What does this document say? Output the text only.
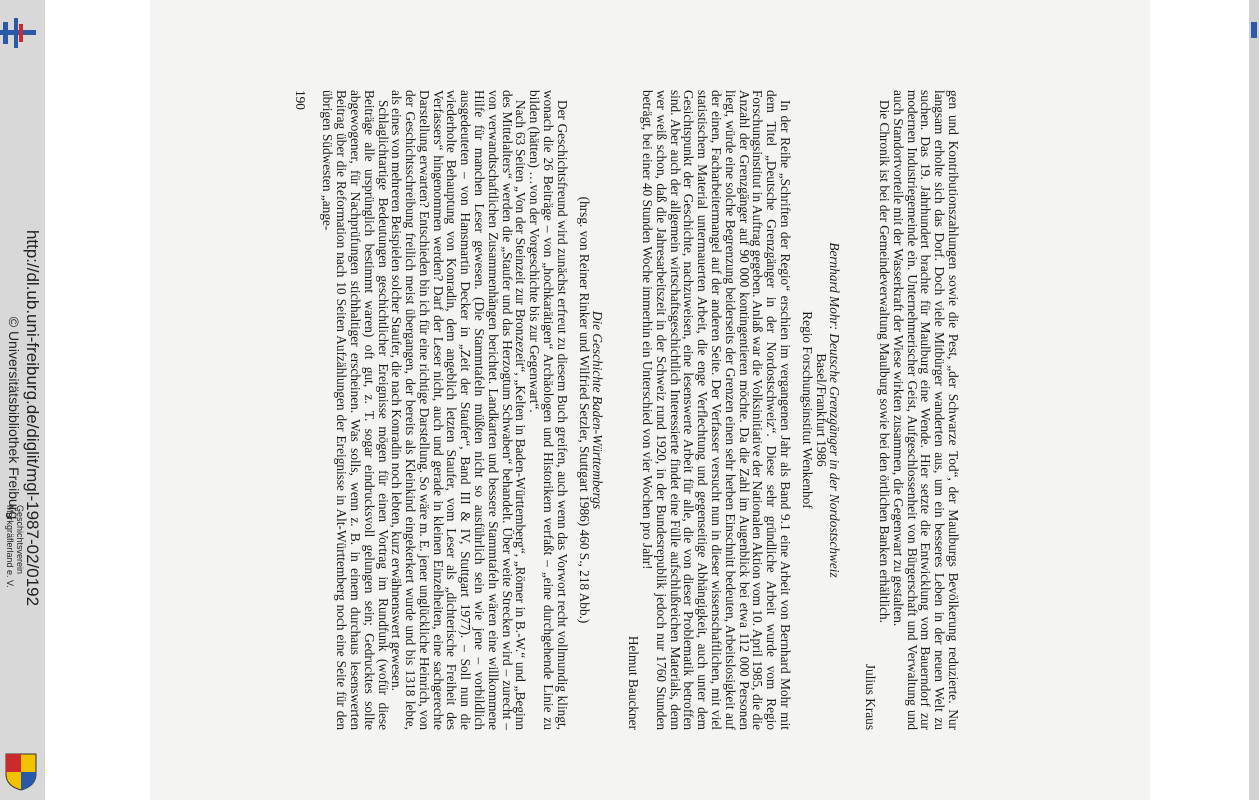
http://dl.ub.uni-freiburg.de/diglit/mgl-1987-02/0192
© Universitätsbibliothek Freiburg
Geschichtsverein
Markgräflerland e. V.	gen und Kontributionszahlungen sowie die Pest, „der Schwarze Tod“, der Maulburgs Bevölkerung reduzierte. Nur langsam erholte sich das Dorf. Doch viele Mitbürger wanderten aus, um ein besseres Leben in der neuen Welt zu suchen. Das 19. Jahrhundert brachte für Maulburg eine Wende. Hier setzte die Entwicklung vom Bauerndorf zur modernen Industriegemeinde ein. Unternehmerischer Geist, Aufgeschlossenheit von Bürgerschaft und Verwaltung und auch Standortvorteile mit der Wasserkraft der Wiese wirkten zusammen, die Gegenwart zu gestalten.

Die Chronik ist bei der Gemeindeverwaltung Maulburg sowie bei den örtlichen Banken erhältlich.

Julius Kraus

Bernhard Mohr: Deutsche Grenzgänger in der Nordostschweiz

Basel/Frankfurt 1986

Regio Forschungsinstitut Wenkenhof

In der Reihe „Schriften der Regio“ erschien im vergangenen Jahr als Band 9.1 eine Arbeit von Bernhard Mohr mit dem Titel „Deutsche Grenzgänger in der Nordostschweiz“. Diese sehr gründliche Arbeit wurde vom Regio Forschungsinstitut in Auftrag gegeben. Anlaß war die Volksinitiative der Nationalen Aktion vom 10. April 1985, die die Anzahl der Grenzgänger auf 90 000 kontingentieren möchte. Da die Zahl im Augenblick bei etwa 112 000 Personen liegt, würde eine solche Begrenzung beiderseits der Grenzen einen sehr herben Einschnitt bedeuten, Arbeitslosigkeit auf der einen, Facharbeitermangel auf der anderen Seite. Der Verfasser versucht nun in dieser wissenschaftlichen, mit viel statistischem Material untermauerten Arbeit, die enge Verflechtung und gegenseitige Abhängigkeit, auch unter dem Gesichtspunkt der Geschichte, nachzuweisen, eine lesenswerte Arbeit für alle, die von dieser Problematik betroffen sind. Aber auch der allgemein wirtschaftsgeschichtlich Interessierte findet eine Fülle aufschlußreichen Materials, denn wer weiß schon, daß die Jahresarbeitszeit in der Schweiz rund 1920, in der Bundesrepublik jedoch nur 1760 Stunden beträgt, bei einer 40 Stunden Woche immerhin ein Unterschied von vier Wochen pro Jahr!

Helmut Bauckner

Die Geschichte Baden-Württembergs

(hrsg. von Reiner Rinker und Wilfried Setzler, Stuttgart 1986) 460 S., 218 Abb.)

Der Geschichtsfreund wird zunächst erfreut zu diesem Buch greifen, auch wenn das Vorwort recht vollmundig klingt, wonach die 26 Beiträge – von „hochkarätigen“ Archäologen und Historikern verfaßt – „eine durchgehende Linie zu bilden (hätten) …von der Vorgeschichte bis zur Gegenwart“.

Nach 63 Seiten „Von der Steinzeit zur Bronzezeit“, „Kelten in Baden-Württemberg“, „Römer in B.-W.“ und „Beginn des Mittelalters“ werden die „Staufer und das Herzogtum Schwaben“ behandelt. Über weite Strecken wird – zurecht – von verwandtschaftlichen Zusammenhängen berichtet. Landkarten und bessere Stammtafeln wären eine willkommene Hilfe für manchen Leser gewesen. (Die Stammtafeln müßten nicht so ausführlich sein wie jene – vorbildlich ausgedeuteten – von Hansmartin Decker in „Zeit der Staufer“, Band III & IV, Stuttgart 1977). – Soll nun die wiederholte Behauptung von Konradin, dem angeblich letzten Staufer, vom Leser als „dichterische Freiheit des Verfassers“ hingenommen werden? Darf der Leser nicht, auch und gerade in kleinen Einzelheiten, eine sachgerechte Darstellung erwarten? Entschieden bin ich für eine richtige Darstellung. So wäre m. E. jener unglückliche Heinrich, von der Geschichtsschreibung freilich meist übergangen, der bereits als Kleinkind eingekerkert wurde und bis 1318 lebte, als eines von mehreren Beispielen solcher Staufer, die nach Konradin noch lebten, kurz erwähnenswert gewesen.

Schlaglichtartige Bedeutungen geschichtlicher Ereignisse mögen für einen Vortrag im Rundfunk (wofür diese Beiträge alle ursprünglich bestimmt waren) oft gut, z. T. sogar eindrucksvoll gelungen sein; Gedrucktes sollte abgewogener, für Nachprüfungen stichhaltiger erscheinen. Was solls, wenn z. B. in einem durchaus lesenswerten Beitrag über die Reformation nach 10 Seiten Aufzählungen der Ereignisse in Alt-Württemberg noch eine Seite für den übrigen Südwesten „ange-

190
